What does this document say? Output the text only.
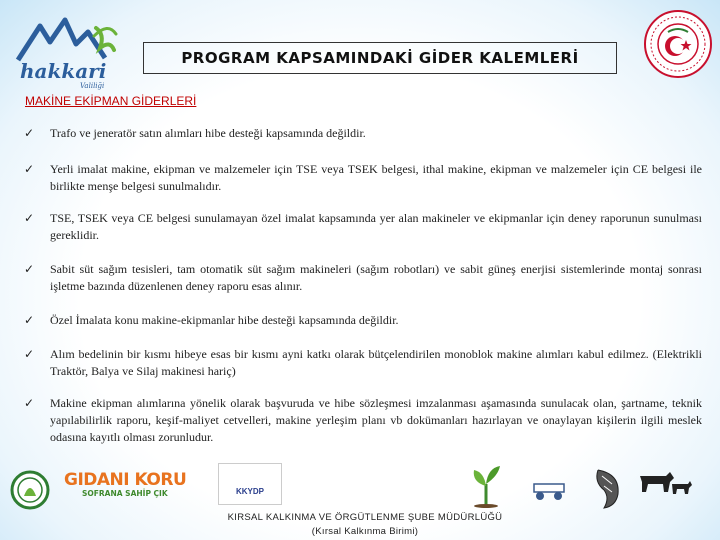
hakkari
Valiliği
PROGRAM KAPSAMINDAKİ GİDER KALEMLERİ
MAKİNE EKİPMAN GİDERLERİ
✓	Trafo ve jeneratör satın alımları hibe desteği kapsamında değildir.
✓	Yerli imalat makine, ekipman ve malzemeler için TSE veya TSEK belgesi, ithal makine, ekipman ve malzemeler için CE belgesi ile birlikte menşe belgesi sunulmalıdır.
✓	TSE, TSEK veya CE belgesi sunulamayan özel imalat kapsamında yer alan makineler ve ekipmanlar için deney raporunun sunulması gereklidir.
✓	Sabit süt sağım tesisleri, tam otomatik süt sağım makineleri (sağım robotları) ve sabit güneş enerjisi sistemlerinde montaj sonrası işletme bazında düzenlenen deney raporu esas alınır.
✓	Özel İmalata konu makine-ekipmanlar hibe desteği kapsamında değildir.
✓	Alım bedelinin bir kısmı hibeye esas bir kısmı ayni katkı olarak bütçelendirilen monoblok makine alımları kabul edilmez. (Elektrikli Traktör, Balya ve Silaj makinesi hariç)
✓	Makine ekipman alımlarına yönelik olarak başvuruda ve hibe sözleşmesi imzalanması aşamasında sunulacak olan, şartname, teknik yapılabilirlik raporu, keşif-maliyet cetvelleri, makine yerleşim planı vb dokümanları hazırlayan ve onaylayan kişilerin ilgili meslek odasına kayıtlı olması zorunludur.
GIDANI KORU
SOFRANA SAHİP ÇIK	KKYDP
KIRSAL KALKINMA VE ÖRGÜTLENME ŞUBE MÜDÜRLÜĞÜ
(Kırsal Kalkınma Birimi)
